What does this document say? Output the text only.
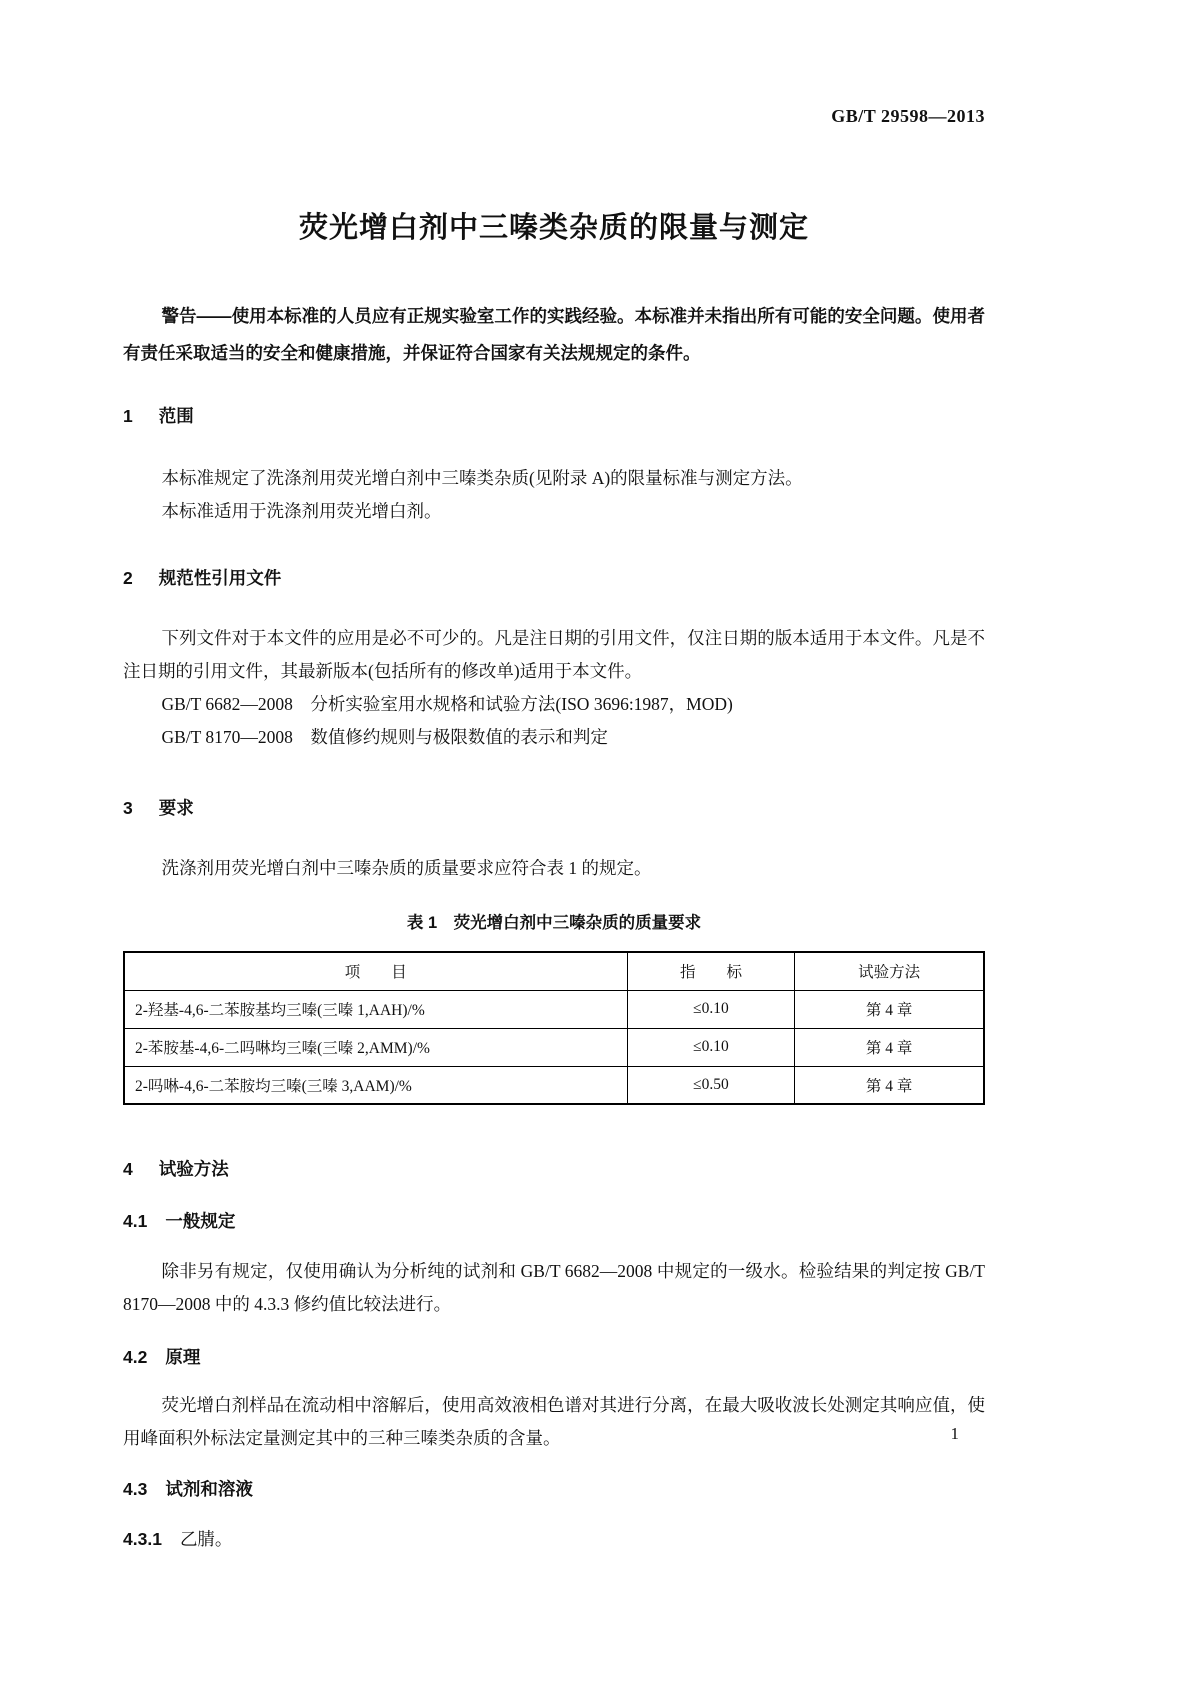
GB/T 29598—2013
荧光增白剂中三嗪类杂质的限量与测定
警告——使用本标准的人员应有正规实验室工作的实践经验。本标准并未指出所有可能的安全问题。使用者有责任采取适当的安全和健康措施，并保证符合国家有关法规规定的条件。
1 范围
本标准规定了洗涤剂用荧光增白剂中三嗪类杂质(见附录 A)的限量标准与测定方法。
本标准适用于洗涤剂用荧光增白剂。
2 规范性引用文件
下列文件对于本文件的应用是必不可少的。凡是注日期的引用文件，仅注日期的版本适用于本文件。凡是不注日期的引用文件，其最新版本(包括所有的修改单)适用于本文件。
GB/T 6682—2008　分析实验室用水规格和试验方法(ISO 3696:1987，MOD)
GB/T 8170—2008　数值修约规则与极限数值的表示和判定
3 要求
洗涤剂用荧光增白剂中三嗪杂质的质量要求应符合表 1 的规定。
表 1　荧光增白剂中三嗪杂质的质量要求
项　　目	指　　标	试验方法
2-羟基-4,6-二苯胺基均三嗪(三嗪 1,AAH)/%	≤0.10	第 4 章
2-苯胺基-4,6-二吗啉均三嗪(三嗪 2,AMM)/%	≤0.10	第 4 章
2-吗啉-4,6-二苯胺均三嗪(三嗪 3,AAM)/%	≤0.50	第 4 章
4 试验方法
4.1 一般规定
除非另有规定，仅使用确认为分析纯的试剂和 GB/T 6682—2008 中规定的一级水。检验结果的判定按 GB/T 8170—2008 中的 4.3.3 修约值比较法进行。
4.2 原理
荧光增白剂样品在流动相中溶解后，使用高效液相色谱对其进行分离，在最大吸收波长处测定其响应值，使用峰面积外标法定量测定其中的三种三嗪类杂质的含量。
4.3 试剂和溶液
4.3.1 乙腈。
1
